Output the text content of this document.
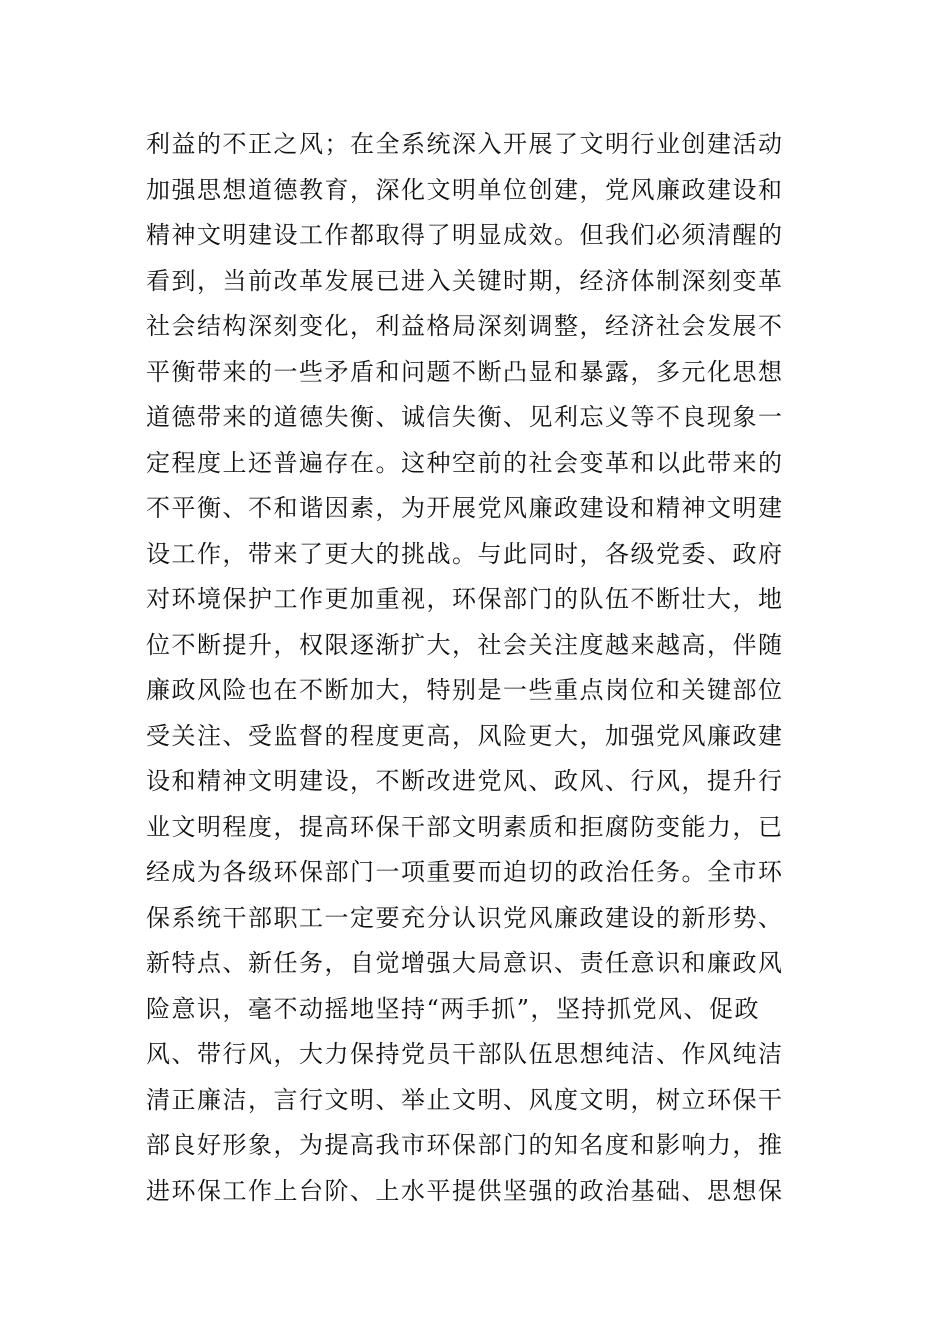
利益的不正之风；在全系统深入开展了文明行业创建活动
加强思想道德教育，深化文明单位创建，党风廉政建设和
精神文明建设工作都取得了明显成效。但我们必须清醒的
看到，当前改革发展已进入关键时期，经济体制深刻变革
社会结构深刻变化，利益格局深刻调整，经济社会发展不
平衡带来的一些矛盾和问题不断凸显和暴露，多元化思想
道德带来的道德失衡、诚信失衡、见利忘义等不良现象一
定程度上还普遍存在。这种空前的社会变革和以此带来的
不平衡、不和谐因素，为开展党风廉政建设和精神文明建
设工作，带来了更大的挑战。与此同时，各级党委、政府
对环境保护工作更加重视，环保部门的队伍不断壮大，地
位不断提升，权限逐渐扩大，社会关注度越来越高，伴随
廉政风险也在不断加大，特别是一些重点岗位和关键部位
受关注、受监督的程度更高，风险更大，加强党风廉政建
设和精神文明建设，不断改进党风、政风、行风，提升行
业文明程度，提高环保干部文明素质和拒腐防变能力，已
经成为各级环保部门一项重要而迫切的政治任务。全市环
保系统干部职工一定要充分认识党风廉政建设的新形势、
新特点、新任务，自觉增强大局意识、责任意识和廉政风
险意识，毫不动摇地坚持“两手抓”，坚持抓党风、促政
风、带行风，大力保持党员干部队伍思想纯洁、作风纯洁
清正廉洁，言行文明、举止文明、风度文明，树立环保干
部良好形象，为提高我市环保部门的知名度和影响力，推
进环保工作上台阶、上水平提供坚强的政治基础、思想保
